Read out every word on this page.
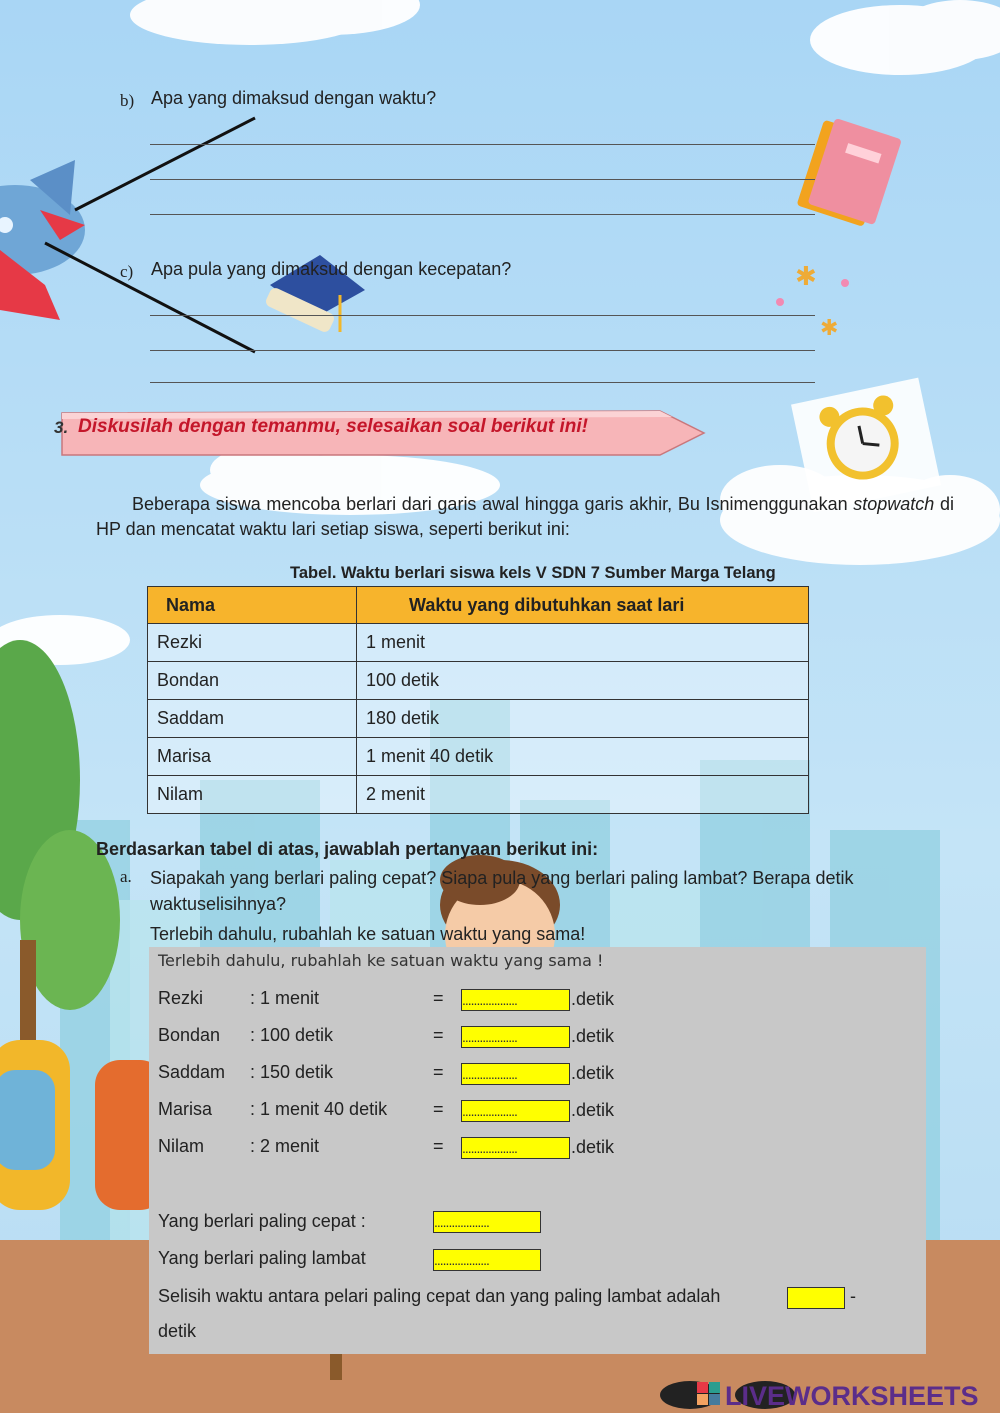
✱
✱
b) Apa yang dimaksud dengan waktu?
c) Apa pula yang dimaksud dengan kecepatan?
3. Diskusilah dengan temanmu, selesaikan soal berikut ini!
Beberapa siswa mencoba berlari dari garis awal hingga garis akhir, Bu Isnimenggunakan stopwatch di HP dan mencatat waktu lari setiap siswa, seperti berikut ini:
Tabel. Waktu berlari siswa kels V SDN 7 Sumber Marga Telang
Nama	Waktu yang dibutuhkan saat lari
Rezki	1 menit
Bondan	100 detik
Saddam	180 detik
Marisa	1 menit 40 detik
Nilam	2 menit
Berdasarkan tabel di atas, jawablah pertanyaan berikut ini:
a. Siapakah yang berlari paling cepat? Siapa pula yang berlari paling lambat? Berapa detik waktuselisihnya?
Terlebih dahulu, rubahlah ke satuan waktu yang sama!
Terlebih dahulu, rubahlah ke satuan waktu yang sama !
Rezki	: 1 menit	= ...................	.detik
Bondan : 100 detik	= ...................	.detik
Saddam : 150 detik	= ...................	.detik
Marisa : 1 menit 40 detik	= ...................	.detik
Nilam	: 2 menit	= ...................	.detik
Yang berlari paling cepat :	...................
Yang berlari paling lambat	...................
Selisih waktu antara pelari paling cepat dan yang paling lambat adalah	-
detik
LIVEWORKSHEETS
